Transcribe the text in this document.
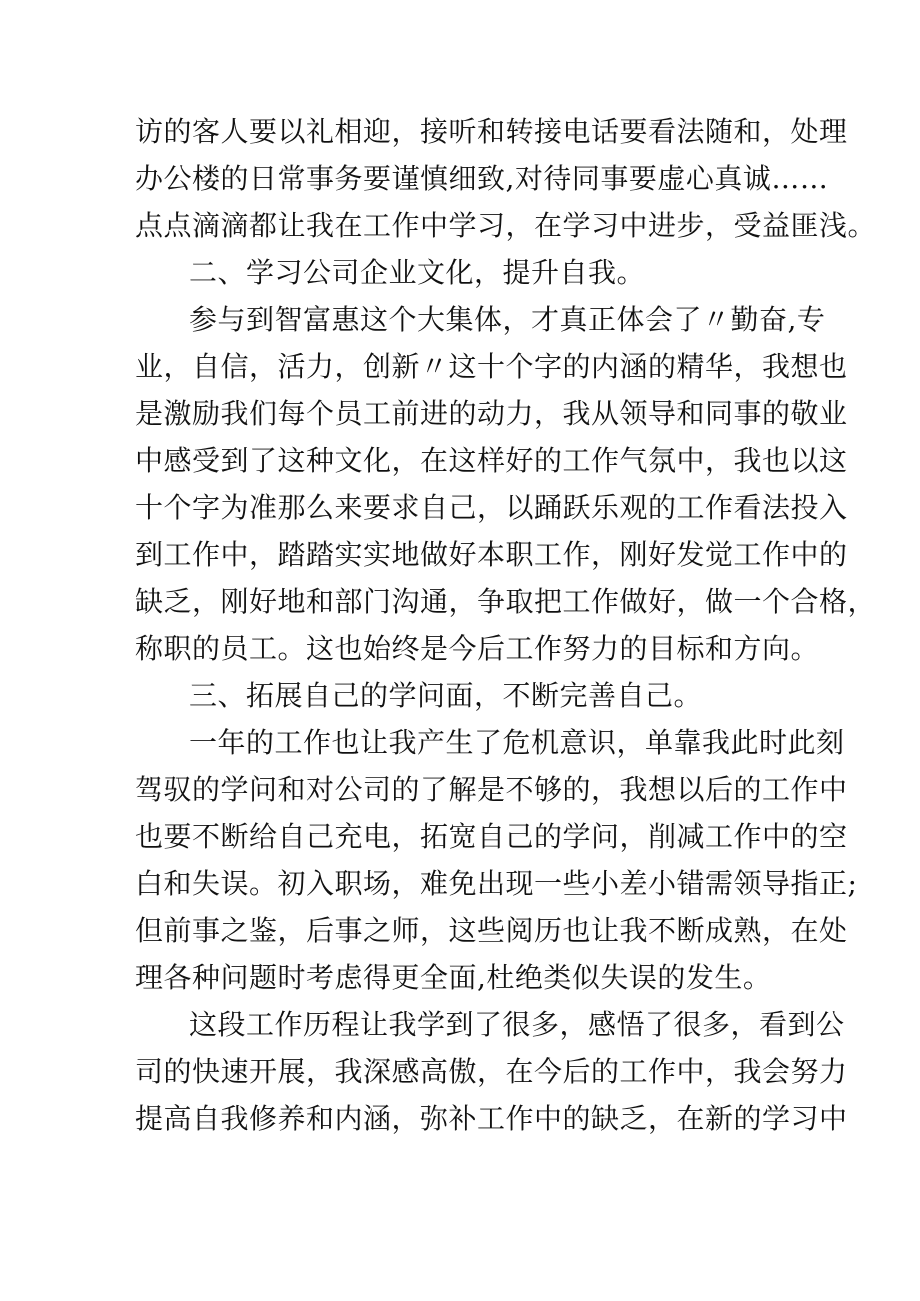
访的客人要以礼相迎，接听和转接电话要看法随和，处理
办公楼的日常事务要谨慎细致,对待同事要虚心真诚……
点点滴滴都让我在工作中学习，在学习中进步，受益匪浅。
二、学习公司企业文化，提升自我。
参与到智富惠这个大集体，才真正体会了〃勤奋,专
业，自信，活力，创新〃这十个字的内涵的精华，我想也
是激励我们每个员工前进的动力，我从领导和同事的敬业
中感受到了这种文化，在这样好的工作气氛中，我也以这
十个字为准那么来要求自己，以踊跃乐观的工作看法投入
到工作中，踏踏实实地做好本职工作，刚好发觉工作中的
缺乏，刚好地和部门沟通，争取把工作做好，做一个合格，
称职的员工。这也始终是今后工作努力的目标和方向。
三、拓展自己的学问面，不断完善自己。
一年的工作也让我产生了危机意识，单靠我此时此刻
驾驭的学问和对公司的了解是不够的，我想以后的工作中
也要不断给自己充电，拓宽自己的学问，削减工作中的空
白和失误。初入职场，难免出现一些小差小错需领导指正;
但前事之鉴，后事之师，这些阅历也让我不断成熟，在处
理各种问题时考虑得更全面,杜绝类似失误的发生。
这段工作历程让我学到了很多，感悟了很多，看到公
司的快速开展，我深感高傲，在今后的工作中，我会努力
提高自我修养和内涵，弥补工作中的缺乏，在新的学习中
